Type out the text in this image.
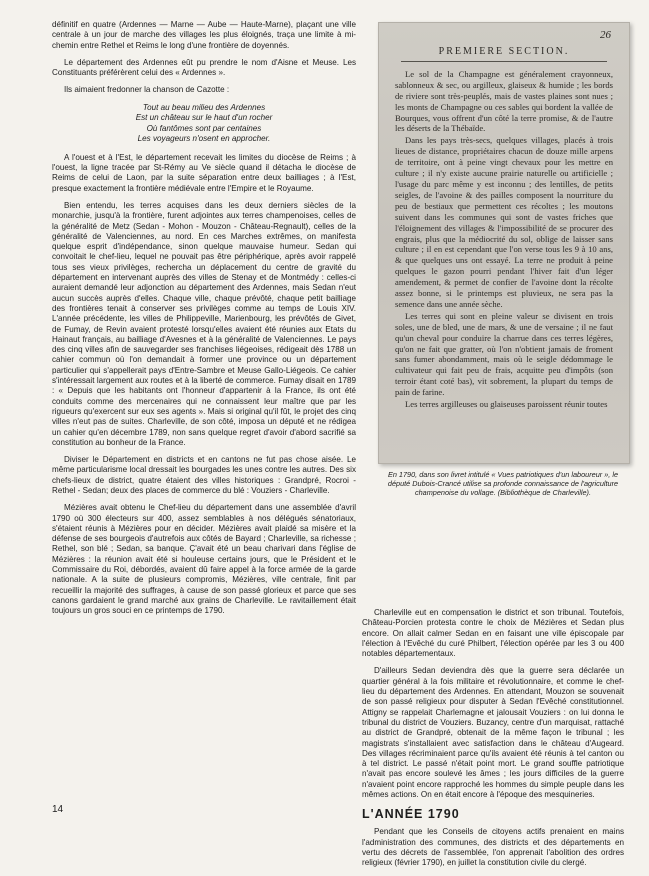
définitif en quatre (Ardennes — Marne — Aube — Haute-Marne), plaçant une ville centrale à un jour de marche des villages les plus éloignés, traça une limite à mi-chemin entre Rethel et Reims le long d'une frontière de doyennés.

Le département des Ardennes eût pu prendre le nom d'Aisne et Meuse. Les Constituants préférèrent celui des « Ardennes ».

Ils aimaient fredonner la chanson de Cazotte :

Tout au beau milieu des Ardennes
Est un château sur le haut d'un rocher
Où fantômes sont par centaines
Les voyageurs n'osent en approcher.

A l'ouest et à l'Est, le département recevait les limites du diocèse de Reims ; à l'ouest, la ligne tracée par St-Rémy au Ve siècle quand il détacha le diocèse de Reims de celui de Laon, par la suite séparation entre deux bailliages ; à l'Est, presque exactement la frontière médiévale entre l'Empire et le Royaume.

Bien entendu, les terres acquises dans les deux derniers siècles de la monarchie, jusqu'à la frontière, furent adjointes aux terres champenoises, celles de la généralité de Metz (Sedan - Mohon - Mouzon - Château-Regnault), celles de la généralité de Valenciennes, au nord. En ces Marches extrêmes, on manifesta quelque esprit d'indépendance, sinon quelque mauvaise humeur. Sedan qui convoitait le chef-lieu, lequel ne pouvait pas être périphérique, après avoir rappelé tous ses vieux privilèges, rechercha un déplacement du centre de gravité du département en intervenant auprès des villes de Stenay et de Montmédy : celles-ci auraient demandé leur adjonction au département des Ardennes, mais Sedan n'eut aucun succès auprès d'elles. Chaque ville, chaque prévôté, chaque petit bailliage des frontières tenait à conserver ses privilèges comme au temps de Louis XIV. L'année précédente, les villes de Philippeville, Marienbourg, les prévôtés de Givet, de Fumay, de Revin avaient protesté lorsqu'elles avaient été réunies aux Etats du Hainaut français, au bailliage d'Avesnes et à la généralité de Valenciennes. Le pays des cinq villes afin de sauvegarder ses franchises liégeoises, rédigeait dès 1788 un cahier commun où l'on demandait à former une province ou un département particulier qui s'appellerait pays d'Entre-Sambre et Meuse Gallo-Liégeois. Ce cahier s'intéressait largement aux routes et à la liberté de commerce. Fumay disait en 1789 : « Depuis que les habitants ont l'honneur d'appartenir à la France, ils ont été conduits comme des mercenaires qui ne connaissent leur maître que par les rigueurs qu'exercent sur eux ses agents ». Mais si original qu'il fût, le projet des cinq villes n'eut pas de suites. Charleville, de son côté, imposa un député et ne rédigea un cahier qu'en décembre 1789, non sans quelque regret d'avoir d'abord sacrifié sa constitution au bonheur de la France.

Diviser le Département en districts et en cantons ne fut pas chose aisée. Le même particularisme local dressait les bourgades les unes contre les autres. Des six chefs-lieux de district, quatre étaient des villes historiques : Grandpré, Rocroi - Rethel - Sedan; deux des places de commerce du blé : Vouziers - Charleville.

Mézières avait obtenu le Chef-lieu du département dans une assemblée d'avril 1790 où 300 électeurs sur 400, assez semblables à nos délégués sénatoriaux, s'étaient réunis à Mézières pour en décider. Mézières avait plaidé sa misère et la défense de ses bourgeois d'autrefois aux côtés de Bayard ; Charleville, sa richesse ; Rethel, son blé ; Sedan, sa banque. Ç'avait été un beau charivari dans l'église de Mézières : la réunion avait été si houleuse certains jours, que le Président et le Commissaire du Roi, débordés, avaient dû faire appel à la force armée de la garde nationale. A la suite de plusieurs compromis, Mézières, ville centrale, finit par recueillir la majorité des suffrages, à cause de son passé glorieux et parce que ses canons gardaient le grand marché aux grains de Charleville. Le ravitaillement était toujours un gros souci en ce printemps de 1790.

26
PREMIERE SECTION.

Le sol de la Champagne est généralement crayonneux, sablonneux & sec, ou argilleux, glaiseux & humide ; les bords de riviere sont très-peuplés, mais de vastes plaines sont nues ; les monts de Champagne ou ces sables qui bordent la vallée de Bourques, vous offrent d'un côté la terre promise, & de l'autre les déserts de la Thébaïde.

Dans les pays très-secs, quelques villages, placés à trois lieues de distance, propriétaires chacun de douze mille arpens de territoire, ont à peine vingt chevaux pour les mettre en culture ; il n'y existe aucune prairie naturelle ou artificielle ; l'usage du parc même y est inconnu ; des lentilles, de petits seigles, de l'avoine & des pailles composent la nourriture du peu de bestiaux que permettent ces récoltes ; les moutons suivent dans les communes qui sont de vastes friches que l'éloignement des villages & l'impossibilité de se procurer des engrais, plus que la médiocrité du sol, oblige de laisser sans culture ; il en est cependant que l'on verse tous les 9 à 10 ans, & que quelques uns ont essayé. La terre ne produit à peine quelques le gazon pourri pendant l'hiver fait d'un léger amendement, & permet de confier de l'avoine dont la récolte assez bonne, si le printemps est pluvieux, ne sera pas la semence dans une année sèche.

Les terres qui sont en pleine valeur se divisent en trois soles, une de bled, une de mars, & une de versaine ; il ne faut qu'un cheval pour conduire la charrue dans ces terres légères, qu'on ne fait que gratter, où l'on n'obtient jamais de froment sans fumer abondamment, mais où le seigle dédommage le cultivateur qui fait peu de frais, acquitte peu d'impôts (son terroir étant coté bas), vit sobrement, la plupart du temps de pain de farine.

Les terres argilleuses ou glaiseuses paroissent réunir toutes

En 1790, dans son livret intitulé « Vues patriotiques d'un laboureur », le député Dubois-Crancé utilise sa profonde connaissance de l'agriculture champenoise du vollage. (Bibliothèque de Charleville).

Charleville eut en compensation le district et son tribunal. Toutefois, Château-Porcien protesta contre le choix de Mézières et Sedan plus encore. On allait calmer Sedan en en faisant une ville épiscopale par l'élection à l'Evêché du curé Philbert, l'élection opérée par les 3 ou 400 notables départementaux.

D'ailleurs Sedan deviendra dès que la guerre sera déclarée un quartier général à la fois militaire et révolutionnaire, et comme le chef-lieu du département des Ardennes. En attendant, Mouzon se souvenait de son passé religieux pour disputer à Sedan l'Evêché constitutionnel. Attigny se rappelait Charlemagne et jalousait Vouziers : on lui donna le tribunal du district de Vouziers. Buzancy, centre d'un marquisat, rattaché au district de Grandpré, obtenait de la même façon le tribunal ; les magistrats s'installaient avec satisfaction dans le château d'Augeard. Des villages récriminaient parce qu'ils avaient été réunis à tel canton ou à tel district. Le passé n'était point mort. Le grand souffle patriotique n'avait pas encore soulevé les âmes ; les jours difficiles de la guerre n'avaient point encore rapproché les hommes du simple peuple dans les mêmes actions. On en était encore à l'époque des mesquineries.

L'ANNÉE 1790

Pendant que les Conseils de citoyens actifs prenaient en mains l'administration des communes, des districts et des départements en vertu des décrets de l'assemblée, l'on apprenait l'abolition des ordres religieux (février 1790), en juillet la constitution civile du clergé.

14
